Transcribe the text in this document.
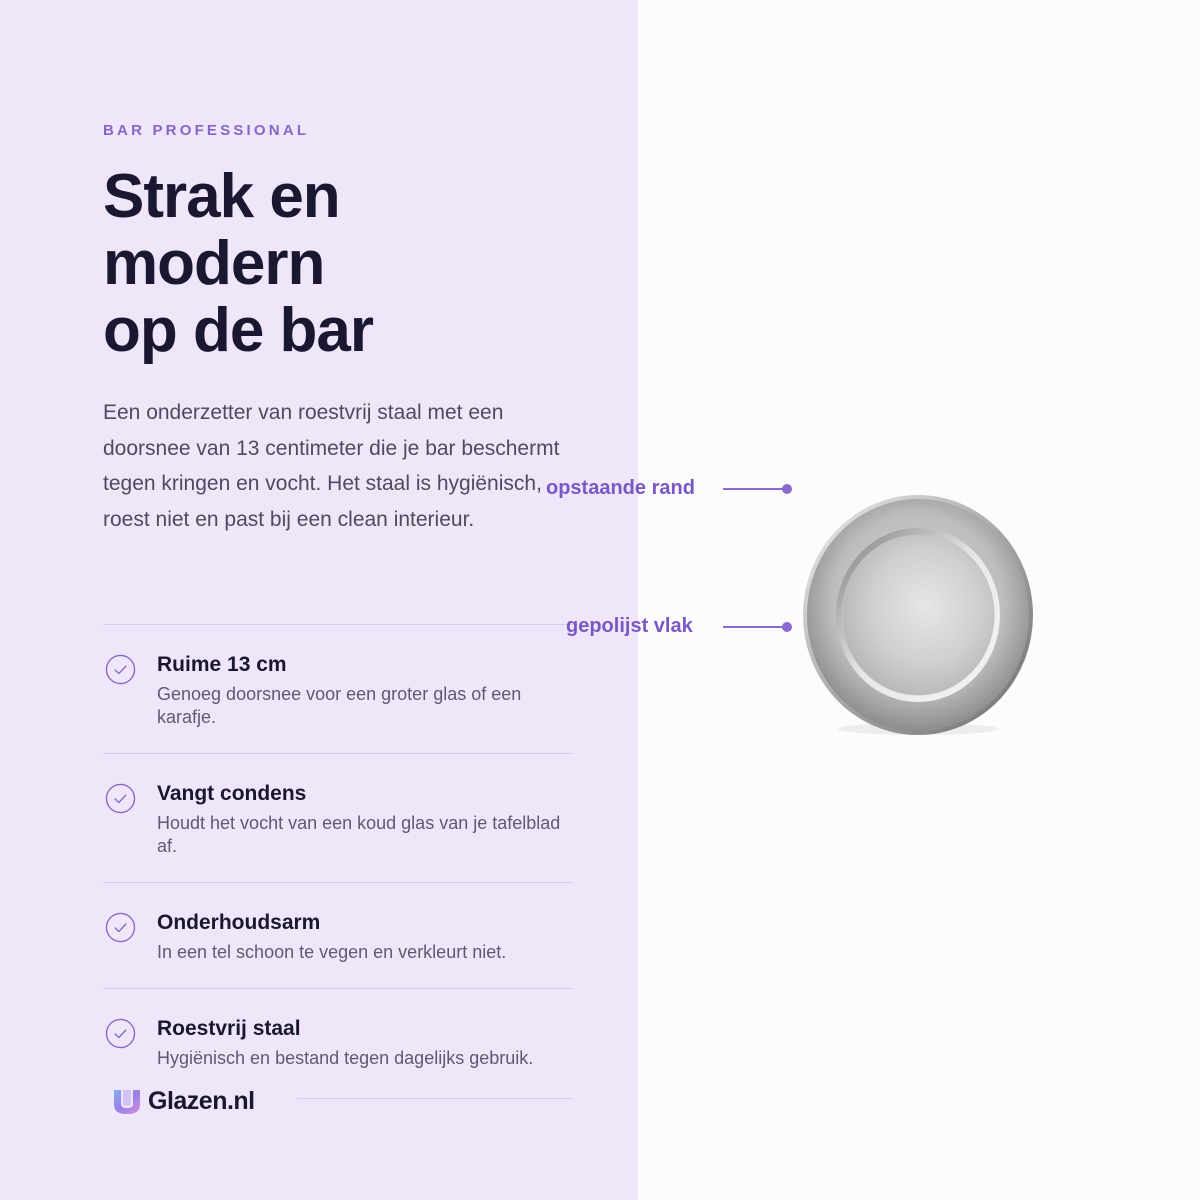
BAR PROFESSIONAL
Strak en
modern
op de bar

Een onderzetter van roestvrij staal met een doorsnee van 13 centimeter die je bar beschermt tegen kringen en vocht. Het staal is hygiënisch, roest niet en past bij een clean interieur.

Ruime 13 cm
Genoeg doorsnee voor een groter glas of een karafje.
Vangt condens
Houdt het vocht van een koud glas van je tafelblad af.
Onderhoudsarm
In een tel schoon te vegen en verkleurt niet.
Roestvrij staal
Hygiënisch en bestand tegen dagelijks gebruik.
Glazen.nl
opstaande rand
gepolijst vlak
